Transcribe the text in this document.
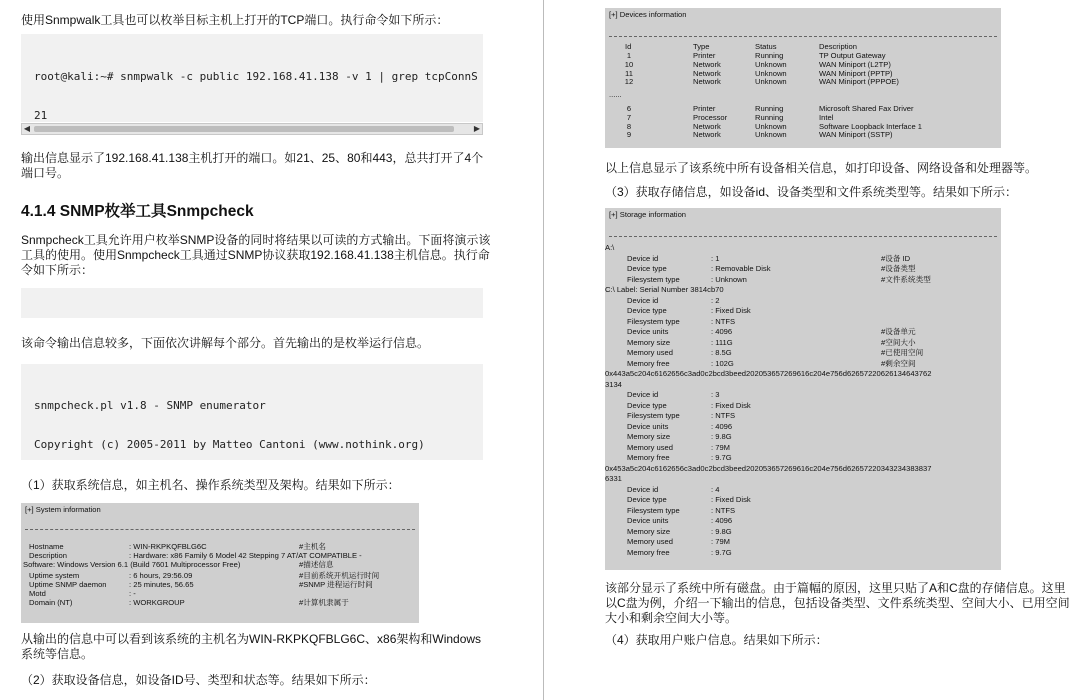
使用Snmpwalk工具也可以枚举目标主机上打开的TCP端口。执行命令如下所示：

root@kali:~# snmpwalk -c public 192.168.41.138 -v 1 | grep tcpConnS

21

◀	▶

输出信息显示了192.168.41.138主机打开的端口。如21、25、80和443，总共打开了4个端口号。

4.1.4 SNMP枚举工具Snmpcheck

Snmpcheck工具允许用户枚举SNMP设备的同时将结果以可读的方式输出。下面将演示该工具的使用。使用Snmpcheck工具通过SNMP协议获取192.168.41.138主机信息。执行命令如下所示：

该命令输出信息较多，下面依次讲解每个部分。首先输出的是枚举运行信息。

snmpcheck.pl v1.8 - SNMP enumerator

Copyright (c) 2005-2011 by Matteo Cantoni (www.nothink.org)

（1）获取系统信息，如主机名、操作系统类型及架构。结果如下所示：

[+] System information
Hostname	: WIN-RKPKQFBLG6C	#主机名
Description	: Hardware: x86 Family 6 Model 42 Stepping 7 AT/AT COMPATIBLE -
Software: Windows Version 6.1 (Build 7601 Multiprocessor Free)	#描述信息
Uptime system	: 6 hours, 29:56.09	#目前系统开机运行时间
Uptime SNMP daemon	: 25 minutes, 56.65	#SNMP 进程运行时间
Motd	: -
Domain (NT)	: WORKGROUP	#计算机隶属于

从输出的信息中可以看到该系统的主机名为WIN-RKPKQFBLG6C、x86架构和Windows系统等信息。

（2）获取设备信息，如设备ID号、类型和状态等。结果如下所示：

[+] Devices information
Id	Type	Status	Description
1	Printer	Running	TP Output Gateway
10	Network	Unknown	WAN Miniport (L2TP)
11	Network	Unknown	WAN Miniport (PPTP)
12	Network	Unknown	WAN Miniport (PPPOE)
......
6	Printer	Running	Microsoft Shared Fax Driver
7	Processor	Running	Intel
8	Network	Unknown	Software Loopback Interface 1
9	Network	Unknown	WAN Miniport (SSTP)

以上信息显示了该系统中所有设备相关信息，如打印设备、网络设备和处理器等。

（3）获取存储信息，如设备id、设备类型和文件系统类型等。结果如下所示：

[+] Storage information
A:\
Device id	: 1	#设备 ID
Device type	: Removable Disk	#设备类型
Filesystem type	: Unknown	#文件系统类型
C:\ Label: Serial Number 3814cb70
Device id	: 2
Device type	: Fixed Disk
Filesystem type	: NTFS
Device units	: 4096	#设备单元
Memory size	: 111G	#空间大小
Memory used	: 8.5G	#已使用空间
Memory free	: 102G	#剩余空间
0x443a5c204c6162656c3ad0c2bcd3beed202053657269616c204e756d62657220626134643762
3134
Device id	: 3
Device type	: Fixed Disk
Filesystem type	: NTFS
Device units	: 4096
Memory size	: 9.8G
Memory used	: 79M
Memory free	: 9.7G
0x453a5c204c6162656c3ad0c2bcd3beed202053657269616c204e756d62657220343234383837
6331
Device id	: 4
Device type	: Fixed Disk
Filesystem type	: NTFS
Device units	: 4096
Memory size	: 9.8G
Memory used	: 79M
Memory free	: 9.7G

该部分显示了系统中所有磁盘。由于篇幅的原因，这里只贴了A和C盘的存储信息。这里以C盘为例，介绍一下输出的信息，包括设备类型、文件系统类型、空间大小、已用空间大小和剩余空间大小等。

（4）获取用户账户信息。结果如下所示：
